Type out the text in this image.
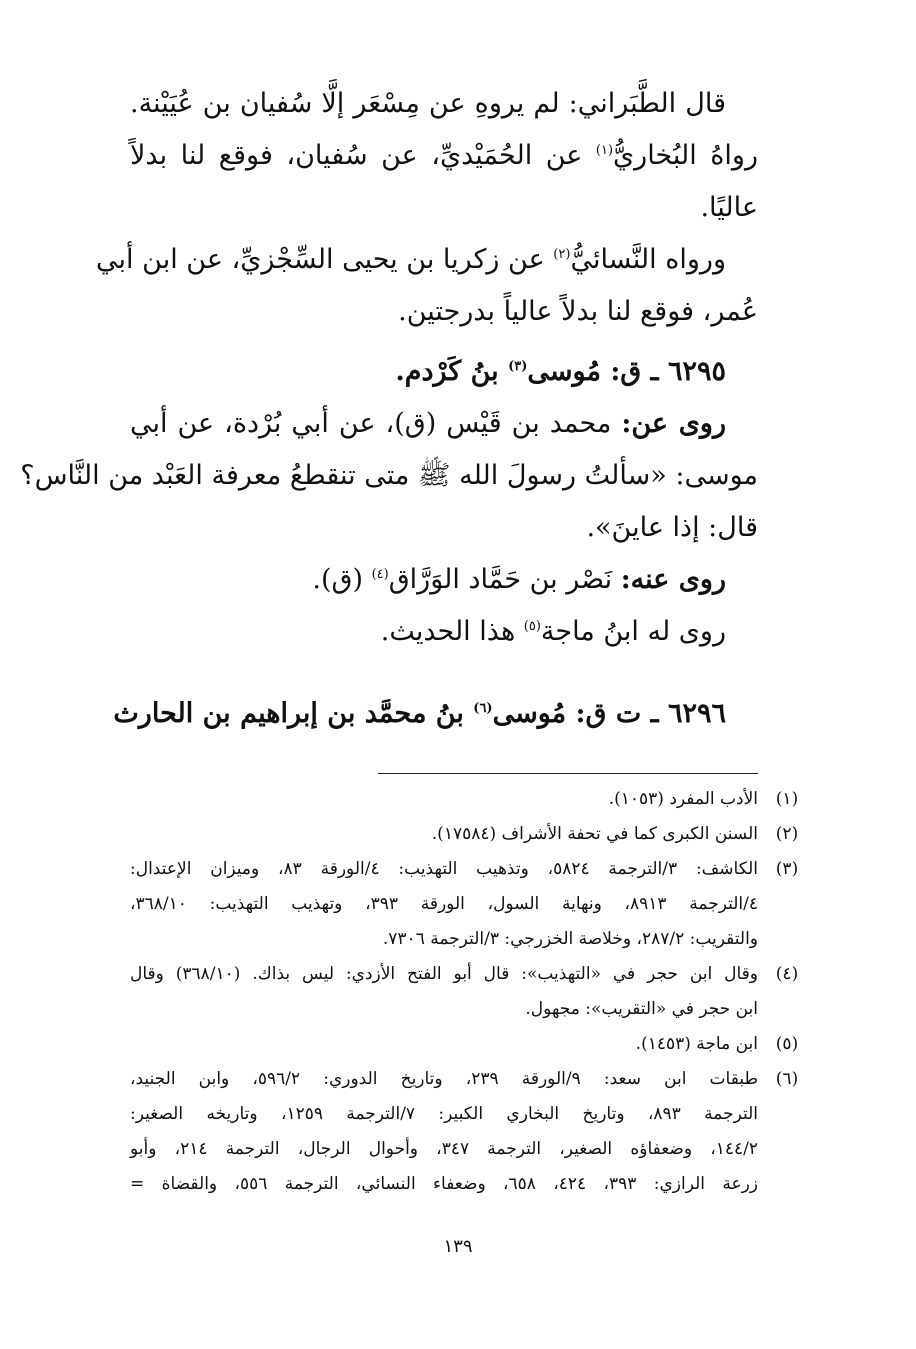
قال الطَّبَراني: لم يروهِ عن مِسْعَر إلَّا سُفيان بن عُيَيْنة.
رواهُ البُخاريُّ$^{(١)}$ عن الحُمَيْديِّ، عن سُفيان، فوقع لنا بدلاً
عاليًا.
ورواه النَّسائيُّ$^{(٢)}$ عن زكريا بن يحيى السِّجْزيِّ، عن ابن أبي
عُمر، فوقع لنا بدلاً عالياً بدرجتين.
٦٢٩٥ ـ ق: مُوسى$^{(٣)}$ بنُ كَرْدم.
روى عن: محمد بن قَيْس (ق)، عن أبي بُرْدة، عن أبي
موسى: «سألتُ رسولَ الله ﷺ متى تنقطعُ معرفة العَبْد من النَّاس؟
قال: إذا عاينَ».
روى عنه: نَصْر بن حَمَّاد الوَرَّاق$^{(٤)}$ (ق).
روى له ابنُ ماجة$^{(٥)}$ هذا الحديث.
٦٢٩٦ ـ ت ق: مُوسى$^{(٦)}$ بنُ محمَّد بن إبراهيم بن الحارث
(١)
الأدب المفرد (١٠٥٣).
(٢)
السنن الكبرى كما في تحفة الأشراف (١٧٥٨٤).
(٣)
الكاشف: ٣/الترجمة ٥٨٢٤، وتذهيب التهذيب: ٤/الورقة ٨٣، وميزان الإعتدال:
٤/الترجمة ٨٩١٣، ونهاية السول، الورقة ٣٩٣، وتهذيب التهذيب: ٣٦٨/١٠،
والتقريب: ٢٨٧/٢، وخلاصة الخزرجي: ٣/الترجمة ٧٣٠٦.
(٤)
وقال ابن حجر في «التهذيب»: قال أبو الفتح الأزدي: ليس بذاك. (٣٦٨/١٠) وقال
ابن حجر في «التقريب»: مجهول.
(٥)
ابن ماجة (١٤٥٣).
(٦)
طبقات ابن سعد: ٩/الورقة ٢٣٩، وتاريخ الدوري: ٥٩٦/٢، وابن الجنيد،
الترجمة ٨٩٣، وتاريخ البخاري الكبير: ٧/الترجمة ١٢٥٩، وتاريخه الصغير:
١٤٤/٢، وضعفاؤه الصغير، الترجمة ٣٤٧، وأحوال الرجال، الترجمة ٢١٤، وأبو
زرعة الرازي: ٣٩٣، ٤٢٤، ٦٥٨، وضعفاء النسائي، الترجمة ٥٥٦، والقضاة =
١٣٩
